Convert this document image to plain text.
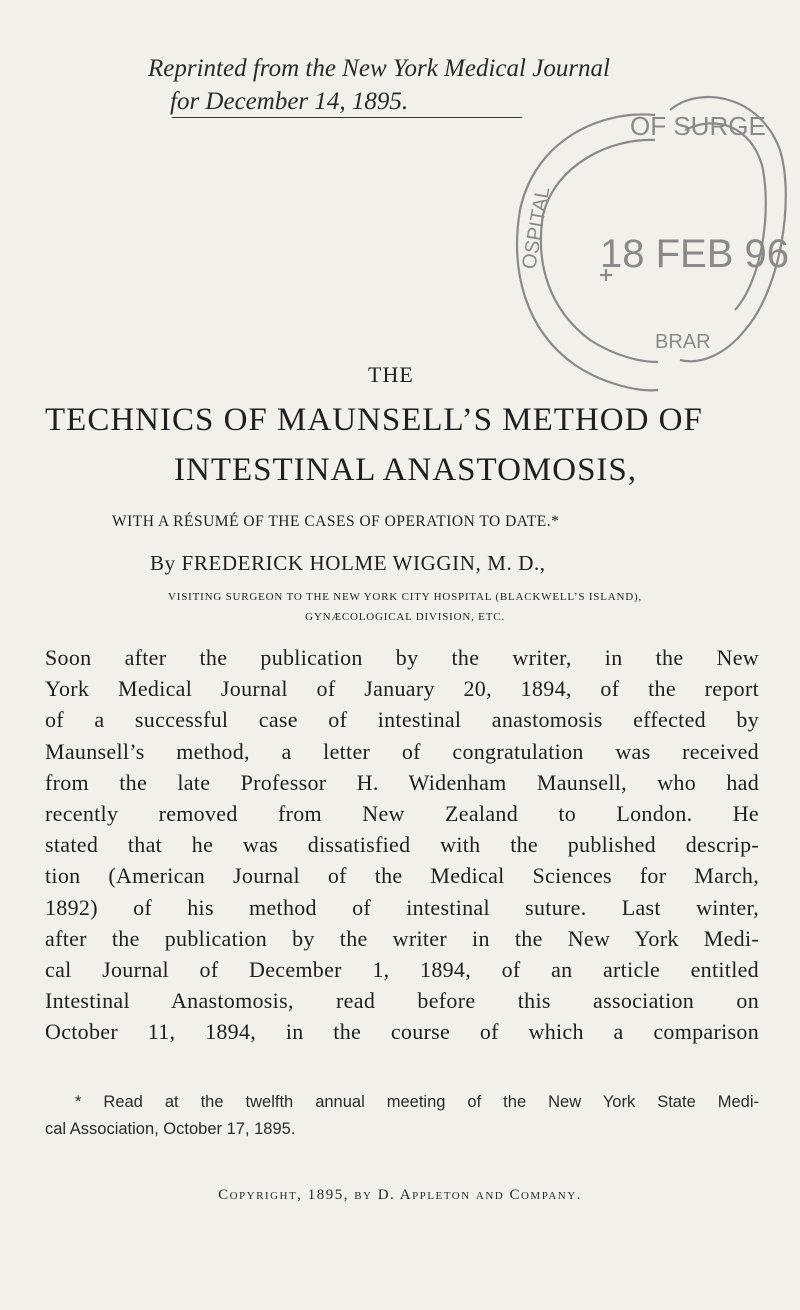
Reprinted from the New York Medical Journal
for December 14, 1895.
18 FEB 96
OF SURGE
BRAR
OSPITAL
THE
TECHNICS OF MAUNSELL’S METHOD OF
INTESTINAL ANASTOMOSIS,
WITH A RÉSUMÉ OF THE CASES OF OPERATION TO DATE.*
By FREDERICK HOLME WIGGIN, M. D.,
VISITING SURGEON TO THE NEW YORK CITY HOSPITAL (BLACKWELL’S ISLAND),
GYNÆCOLOGICAL DIVISION, ETC.
Soon after the publication by the writer, in the New
York Medical Journal of January 20, 1894, of the report
of a successful case of intestinal anastomosis effected by
Maunsell’s method, a letter of congratulation was received
from the late Professor H. Widenham Maunsell, who had
recently removed from New Zealand to London. He
stated that he was dissatisfied with the published descrip-
tion (American Journal of the Medical Sciences for March,
1892) of his method of intestinal suture. Last winter,
after the publication by the writer in the New York Medi-
cal Journal of December 1, 1894, of an article entitled
Intestinal Anastomosis, read before this association on
October 11, 1894, in the course of which a comparison
* Read at the twelfth annual meeting of the New York State Medi-
cal Association, October 17, 1895.
Copyright, 1895, by D. Appleton and Company.
